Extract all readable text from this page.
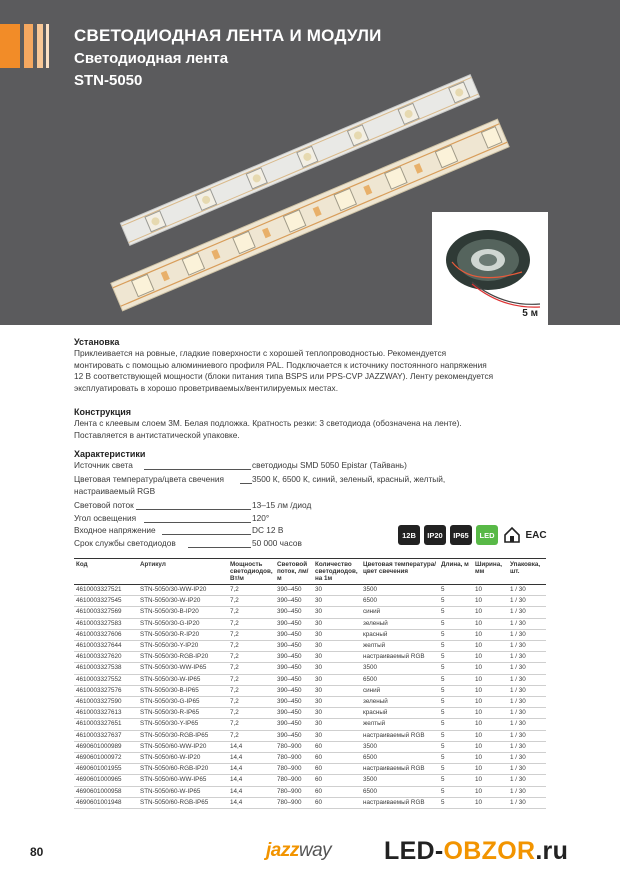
СВЕТОДИОДНАЯ ЛЕНТА И МОДУЛИ
Светодиодная лента
STN-5050
5 м
Установка
Приклеивается на ровные, гладкие поверхности с хорошей теплопроводностью. Рекомендуется
монтировать с помощью алюминиевого профиля PAL. Подключается к источнику постоянного напряжения
12 В соответствующей мощности (блоки питания типа BSPS или PPS-CVP JAZZWAY). Ленту рекомендуется
эксплуатировать в хорошо проветриваемых/вентилируемых местах.
Конструкция
Лента с клеевым слоем 3М. Белая подложка. Кратность резки: 3 светодиода (обозначена на ленте).
Поставляется в антистатической упаковке.
Характеристики
Источник света	светодиоды SMD 5050 Epistar (Тайвань)
Цветовая температура/цвета свечения	3500 К, 6500 К, синий, зеленый, красный, желтый,
настраиваемый RGB
Световой поток	13–15 лм /диод
Угол освещения	120°
Входное напряжение	DC 12 В
Срок службы светодиодов	50 000 часов
12В	IP20	IP65	LED	EAC
Код	Артикул	Мощность светодиодов, Вт/м	Световой поток, лм/м	Количество светодиодов, на 1м	Цветовая температура/ цвет свечения	Длина, м	Ширина, мм	Упаковка, шт.
4610003327521	STN-5050/30-WW-IP20	7,2	390–450	30	3500	5	10	1 / 30
4610003327545	STN-5050/30-W-IP20	7,2	390–450	30	6500	5	10	1 / 30
4610003327569	STN-5050/30-B-IP20	7,2	390–450	30	синий	5	10	1 / 30
4610003327583	STN-5050/30-G-IP20	7,2	390–450	30	зеленый	5	10	1 / 30
4610003327606	STN-5050/30-R-IP20	7,2	390–450	30	красный	5	10	1 / 30
4610003327644	STN-5050/30-Y-IP20	7,2	390–450	30	желтый	5	10	1 / 30
4610003327620	STN-5050/30-RGB-IP20	7,2	390–450	30	настраиваемый RGB	5	10	1 / 30
4610003327538	STN-5050/30-WW-IP65	7,2	390–450	30	3500	5	10	1 / 30
4610003327552	STN-5050/30-W-IP65	7,2	390–450	30	6500	5	10	1 / 30
4610003327576	STN-5050/30-B-IP65	7,2	390–450	30	синий	5	10	1 / 30
4610003327590	STN-5050/30-G-IP65	7,2	390–450	30	зеленый	5	10	1 / 30
4610003327613	STN-5050/30-R-IP65	7,2	390–450	30	красный	5	10	1 / 30
4610003327651	STN-5050/30-Y-IP65	7,2	390–450	30	желтый	5	10	1 / 30
4610003327637	STN-5050/30-RGB-IP65	7,2	390–450	30	настраиваемый RGB	5	10	1 / 30
4690601000989	STN-5050/60-WW-IP20	14,4	780–900	60	3500	5	10	1 / 30
4690601000972	STN-5050/60-W-IP20	14,4	780–900	60	6500	5	10	1 / 30
4690601001955	STN-5050/60-RGB-IP20	14,4	780–900	60	настраиваемый RGB	5	10	1 / 30
4690601000965	STN-5050/60-WW-IP65	14,4	780–900	60	3500	5	10	1 / 30
4690601000958	STN-5050/60-W-IP65	14,4	780–900	60	6500	5	10	1 / 30
4690601001948	STN-5050/60-RGB-IP65	14,4	780–900	60	настраиваемый RGB	5	10	1 / 30
80	jazzway LED-OBZOR.ru
